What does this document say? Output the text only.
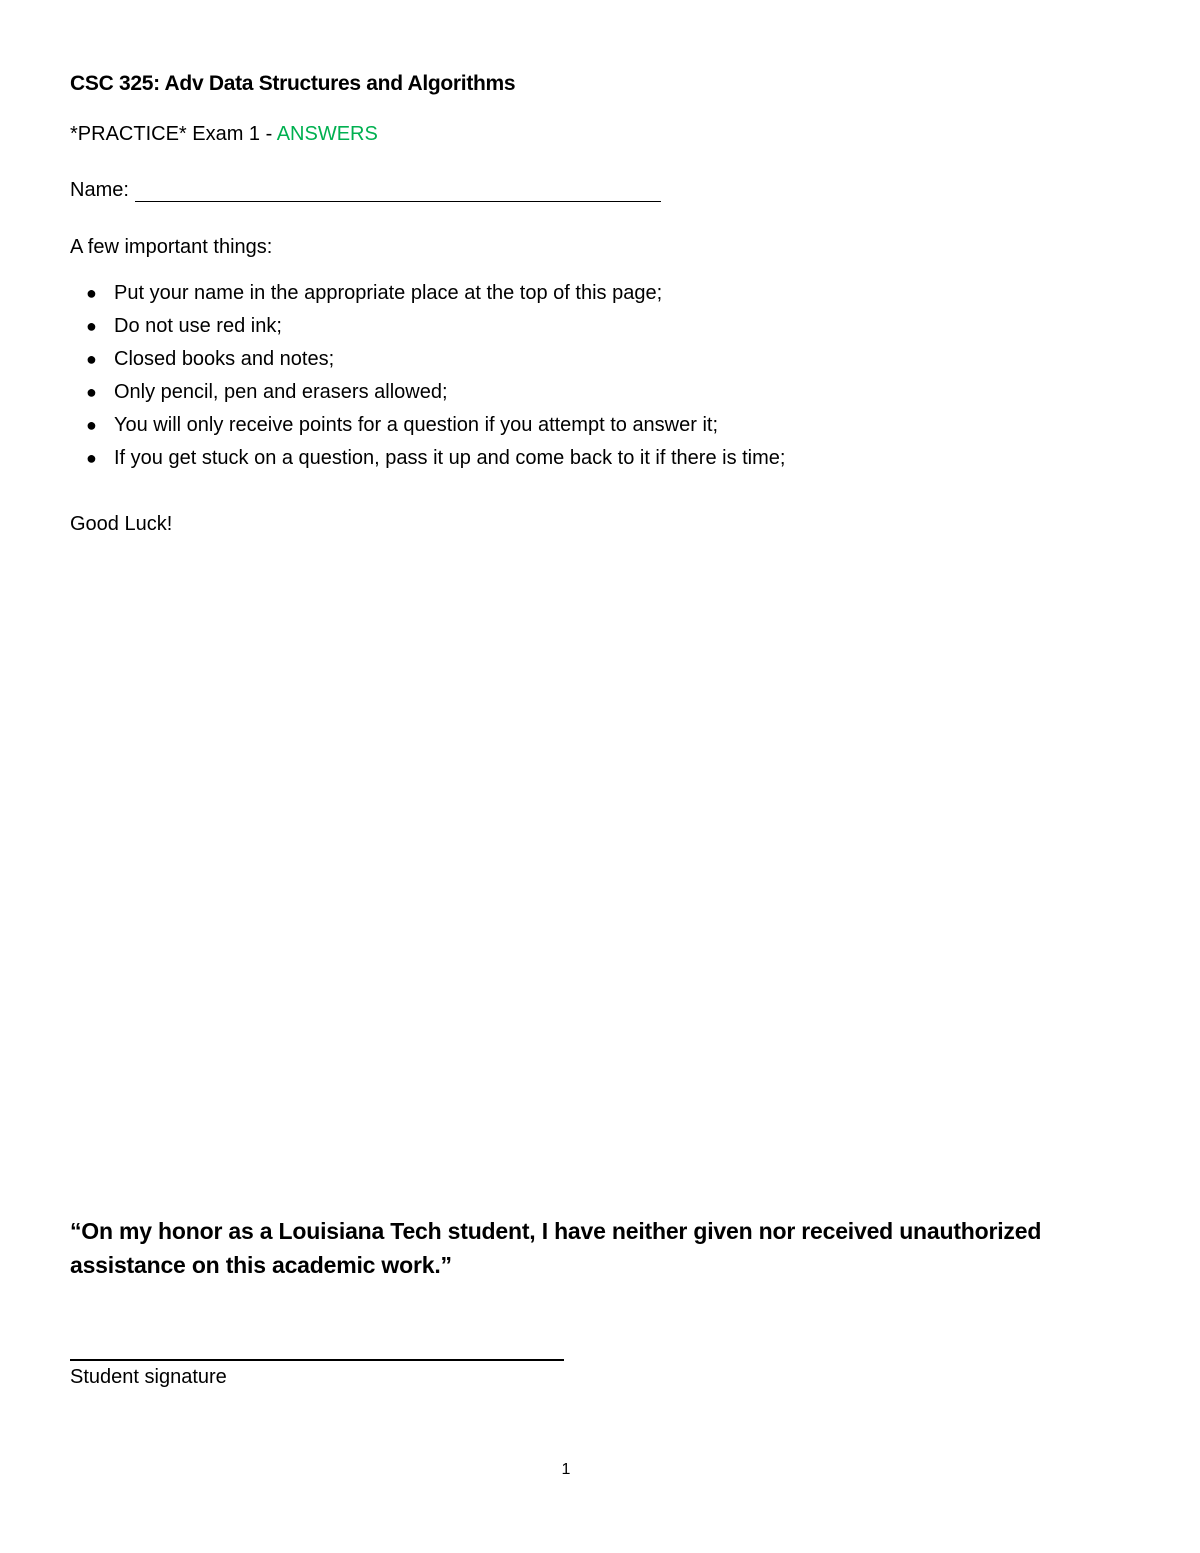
CSC 325: Adv Data Structures and Algorithms
*PRACTICE* Exam 1 - ANSWERS
Name:
A few important things:
● Put your name in the appropriate place at the top of this page;
● Do not use red ink;
● Closed books and notes;
● Only pencil, pen and erasers allowed;
● You will only receive points for a question if you attempt to answer it;
● If you get stuck on a question, pass it up and come back to it if there is time;
Good Luck!
“On my honor as a Louisiana Tech student, I have neither given nor received unauthorized assistance on this academic work.”
Student signature
1
